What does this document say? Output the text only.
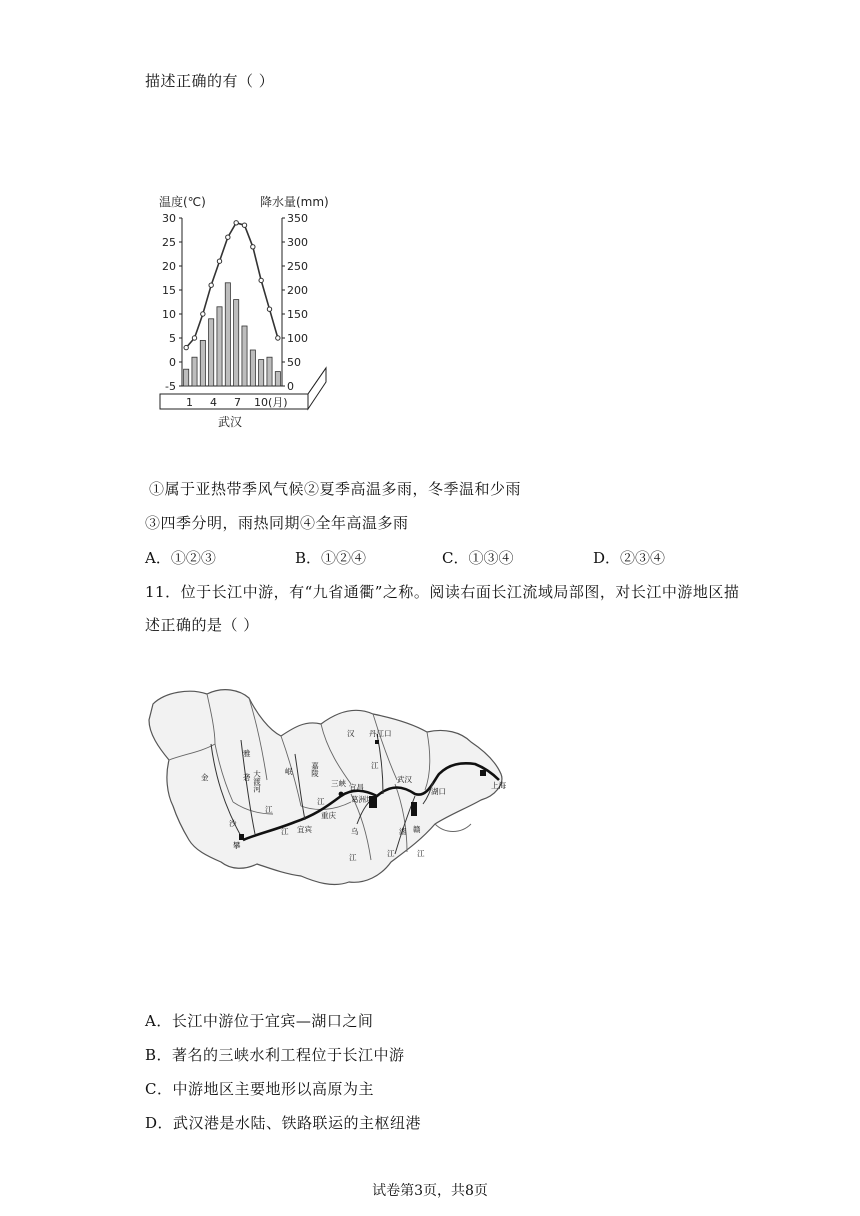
描述正确的有（ ）
温度(℃)	降水量(mm)
30
25
20
15
10
5
0
-5
350
300
250
200
150
100
50
0
1 4 7 10(月)
武汉
①属于亚热带季风气候②夏季高温多雨，冬季温和少雨
③四季分明，雨热同期④全年高温多雨
A．①②③	B．①②④	C．①③④	D．②③④
11．位于长江中游，有“九省通衢”之称。阅读右面长江流域局部图，对长江中游地区描
述正确的是（ ）
金
沙
雅
砻
江
大渡河	岷
江 宜宾
攀
嘉陵
江
重庆
汉
江
丹江口
三峡 宜昌
葛洲坝
武汉
湖口
乌
江
湘
江
赣
江
上海
A．长江中游位于宜宾—湖口之间
B．著名的三峡水利工程位于长江中游
C．中游地区主要地形以高原为主
D．武汉港是水陆、铁路联运的主枢纽港
试卷第3页，共8页
